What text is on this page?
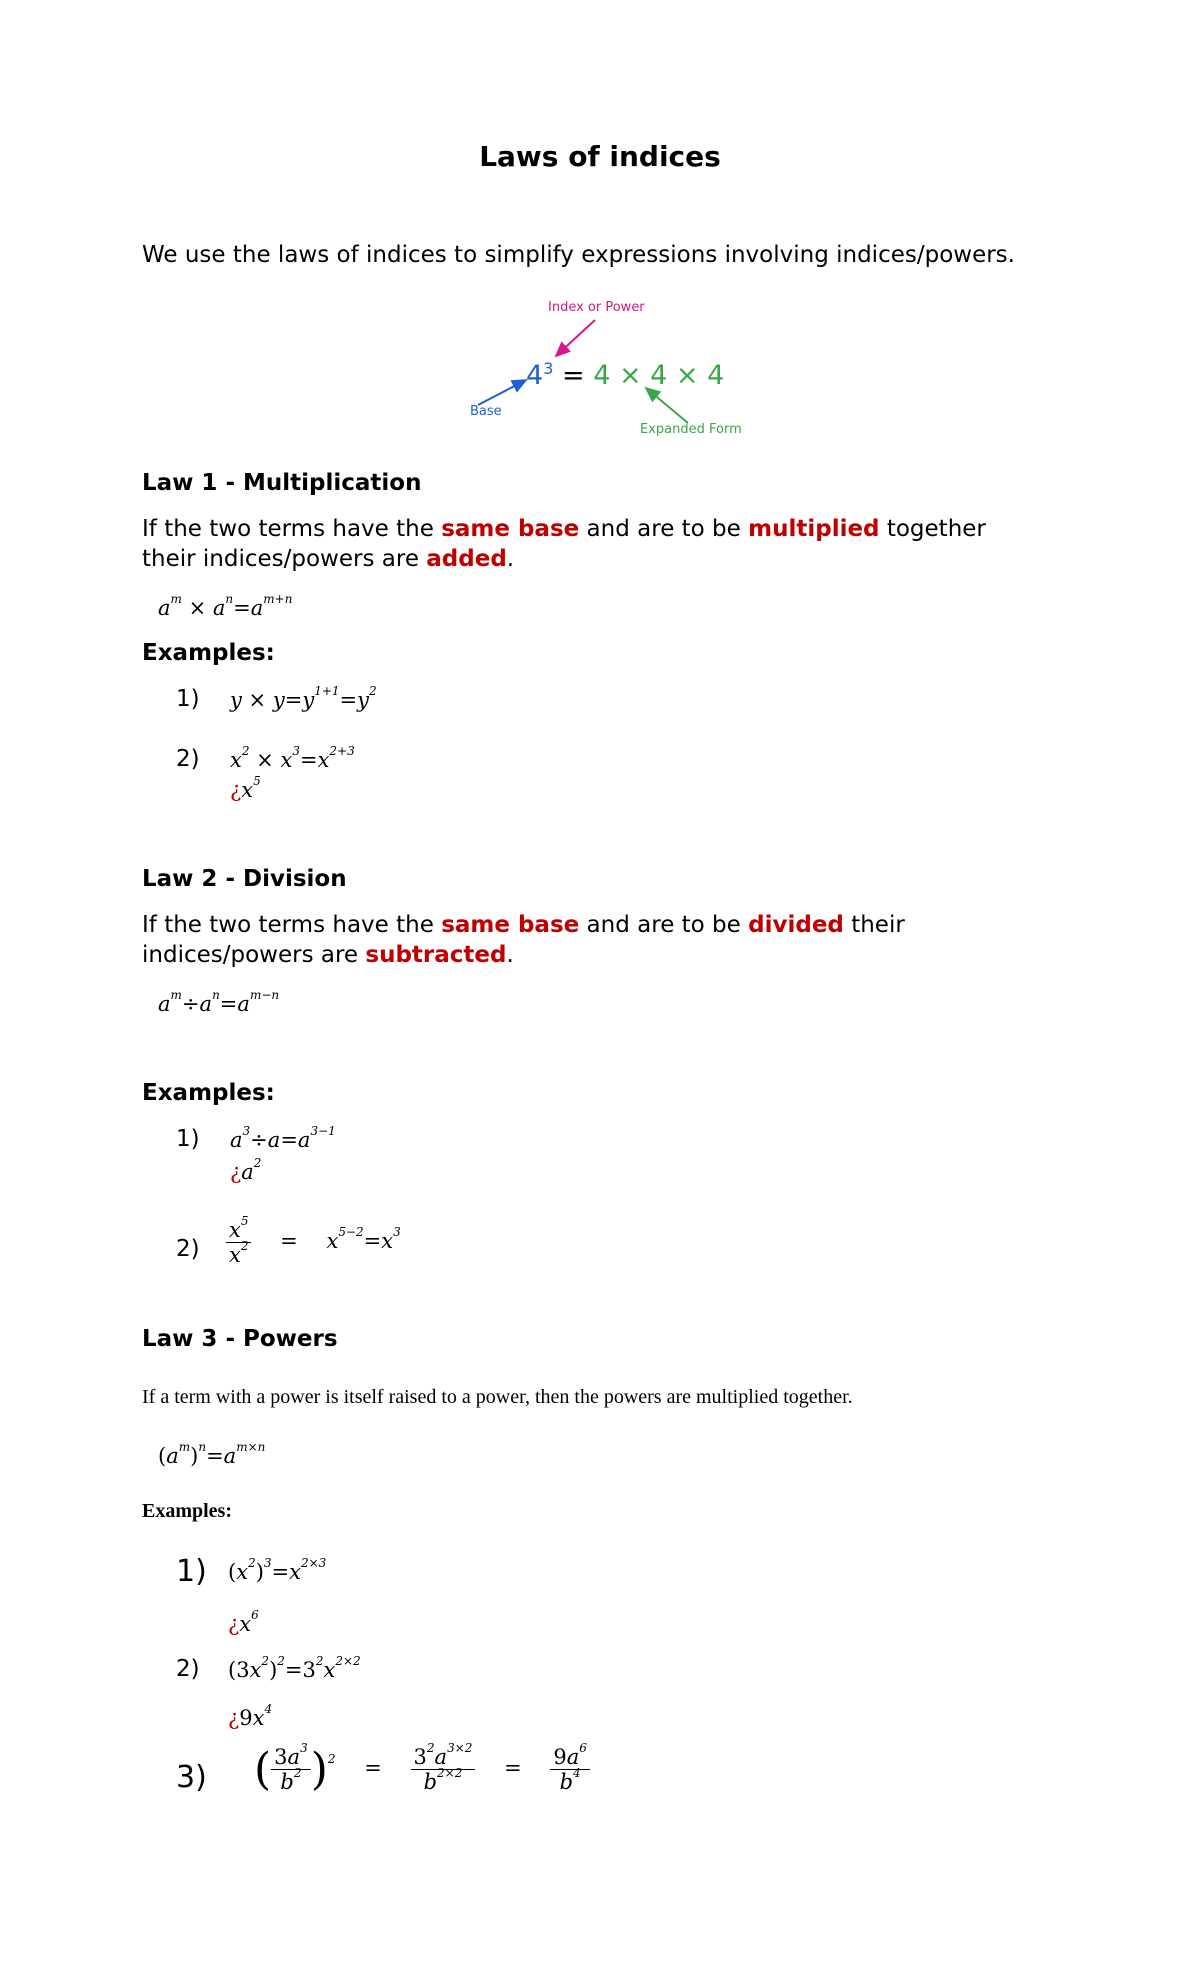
Laws of indices
We use the laws of indices to simplify expressions involving indices/powers.
Index or Power
Base
Expanded Form
$4^3 = 4 \times 4 \times 4$
Law 1 - Multiplication
If the two terms have the same base and are to be multiplied together
their indices/powers are added.
$a^m \times a^n=a^{m+n}$
Examples:
1) $y \times y=y^{1+1}=y^2$
2) $x^2 \times x^3=x^{2+3}$
¿$x^5$
Law 2 - Division
If the two terms have the same base and are to be divided their
indices/powers are subtracted.
$a^m\div a^n=a^{m-n}$
Examples:
1) $a^3\div a=a^{3-1}$
¿$a^2$
$2) \frac{x^5}{x^2} = x^{5-2}=x^3$
Law 3 - Powers
If a term with a power is itself raised to a power, then the powers are multiplied together.
$(a^m)^n=a^{m\times n}$
Examples:
1) $(x^2)^3=x^{2\times 3}$
¿$x^6$
2) $(3x^2)^2=3^2x^{2\times 2}$
¿$9x^4$
3) ( $\frac{3a^3}{b^2} )^2 = \frac{3^2a^{3\times 2}}{b^{2\times 2}} = \frac{9a^6}{b^4}$
